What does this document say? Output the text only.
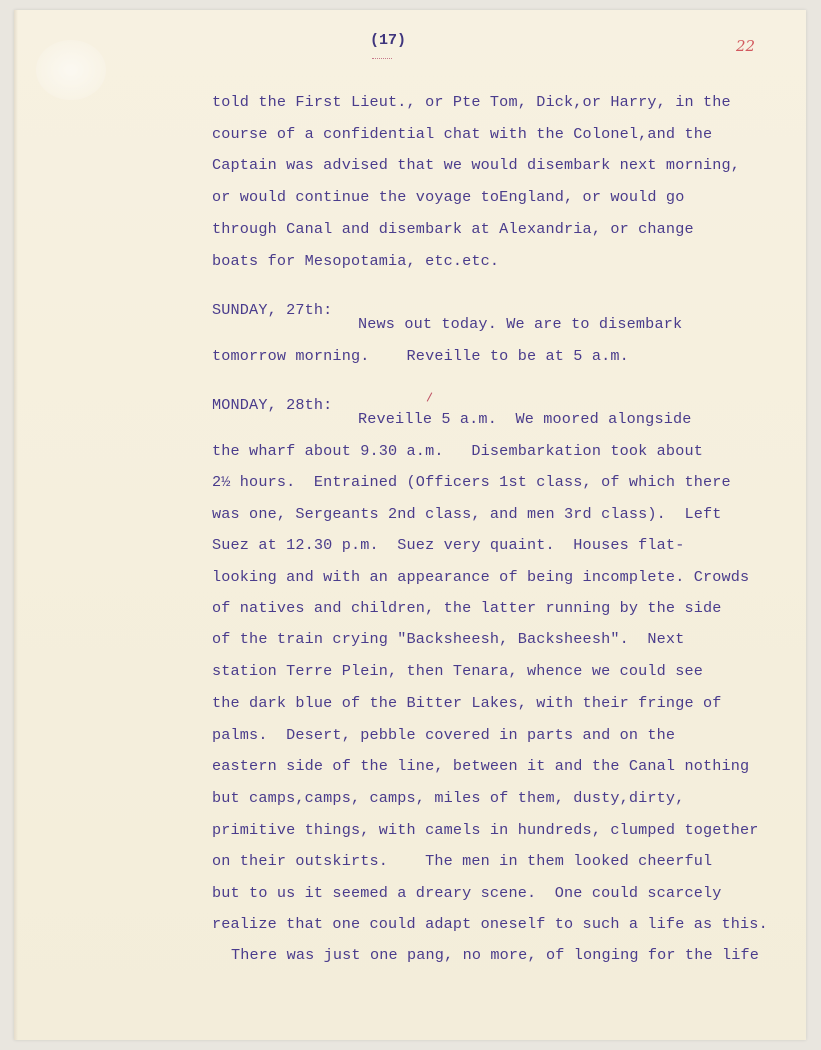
(17)	22

told the First Lieut., or Pte Tom, Dick,or Harry, in the

course of a confidential chat with the Colonel,and the

Captain was advised that we would disembark next morning,

or would continue the voyage toEngland, or would go

through Canal and disembark at Alexandria, or change

boats for Mesopotamia, etc.etc.

SUNDAY, 27th:

News out today. We are to disembark

tomorrow morning.    Reveille to be at 5 a.m.

MONDAY, 28th:

Reveille 5 a.m.  We moored alongside

the wharf about 9.30 a.m.   Disembarkation took about

2½ hours.  Entrained (Officers 1st class, of which there

was one, Sergeants 2nd class, and men 3rd class).  Left

Suez at 12.30 p.m.  Suez very quaint.  Houses flat-

looking and with an appearance of being incomplete. Crowds

of natives and children, the latter running by the side

of the train crying "Backsheesh, Backsheesh".  Next

station Terre Plein, then Tenara, whence we could see

the dark blue of the Bitter Lakes, with their fringe of

palms.  Desert, pebble covered in parts and on the

eastern side of the line, between it and the Canal nothing

but camps,camps, camps, miles of them, dusty,dirty,

primitive things, with camels in hundreds, clumped together

on their outskirts.    The men in them looked cheerful

but to us it seemed a dreary scene.  One could scarcely

realize that one could adapt oneself to such a life as this.

There was just one pang, no more, of longing for the life
